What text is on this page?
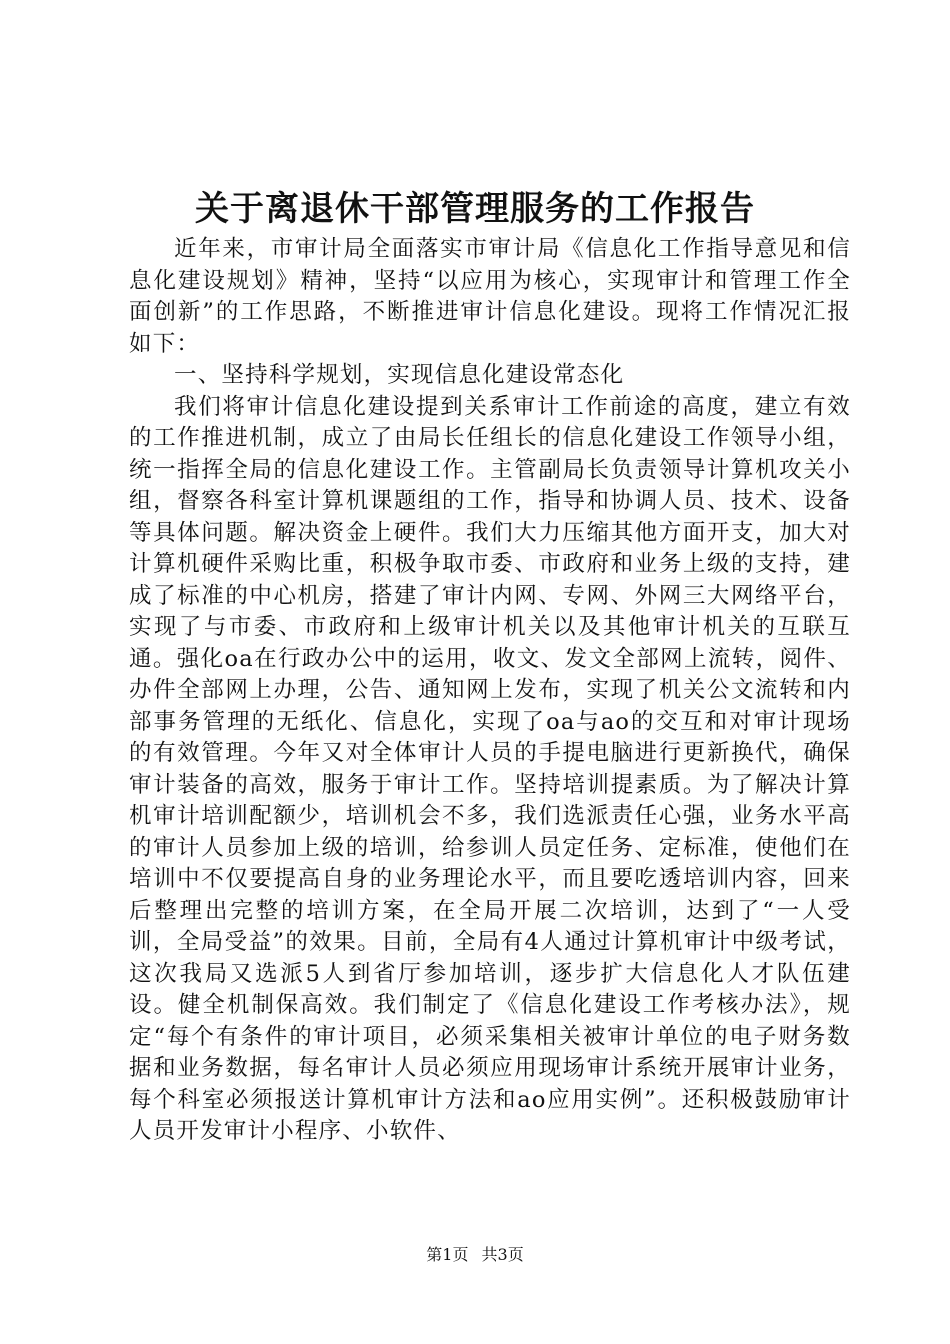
关于离退休干部管理服务的工作报告

近年来，市审计局全面落实市审计局《信息化工作指导意见和信息化建设规划》精神，坚持“以应用为核心，实现审计和管理工作全面创新”的工作思路，不断推进审计信息化建设。现将工作情况汇报如下：

一、坚持科学规划，实现信息化建设常态化

我们将审计信息化建设提到关系审计工作前途的高度，建立有效的工作推进机制，成立了由局长任组长的信息化建设工作领导小组，统一指挥全局的信息化建设工作。主管副局长负责领导计算机攻关小组，督察各科室计算机课题组的工作，指导和协调人员、技术、设备等具体问题。解决资金上硬件。我们大力压缩其他方面开支，加大对计算机硬件采购比重，积极争取市委、市政府和业务上级的支持，建成了标准的中心机房，搭建了审计内网、专网、外网三大网络平台，实现了与市委、市政府和上级审计机关以及其他审计机关的互联互通。强化oa在行政办公中的运用，收文、发文全部网上流转，阅件、办件全部网上办理，公告、通知网上发布，实现了机关公文流转和内部事务管理的无纸化、信息化，实现了oa与ao的交互和对审计现场的有效管理。今年又对全体审计人员的手提电脑进行更新换代，确保审计装备的高效，服务于审计工作。坚持培训提素质。为了解决计算机审计培训配额少，培训机会不多，我们选派责任心强，业务水平高的审计人员参加上级的培训，给参训人员定任务、定标准，使他们在培训中不仅要提高自身的业务理论水平，而且要吃透培训内容，回来后整理出完整的培训方案，在全局开展二次培训，达到了“一人受训，全局受益”的效果。目前，全局有4人通过计算机审计中级考试，这次我局又选派5人到省厅参加培训，逐步扩大信息化人才队伍建设。健全机制保高效。我们制定了《信息化建设工作考核办法》，规定“每个有条件的审计项目，必须采集相关被审计单位的电子财务数据和业务数据，每名审计人员必须应用现场审计系统开展审计业务，每个科室必须报送计算机审计方法和ao应用实例”。还积极鼓励审计人员开发审计小程序、小软件、

第1页 共3页
